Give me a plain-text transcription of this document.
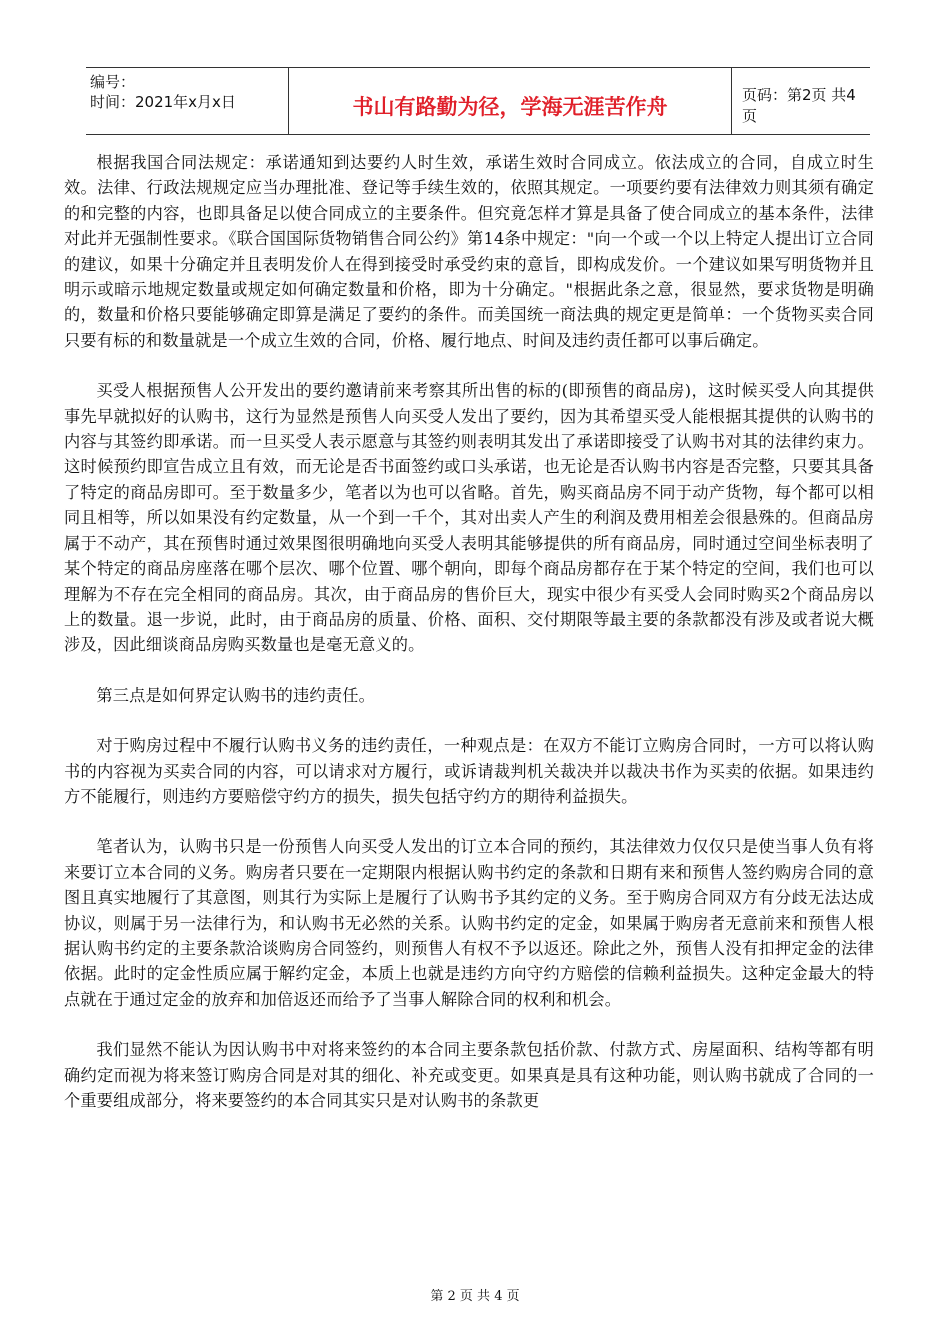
编号：
时间：2021年x月x日	书山有路勤为径，学海无涯苦作舟	页码：第2页 共4页

根据我国合同法规定：承诺通知到达要约人时生效，承诺生效时合同成立。依法成立的合同，自成立时生效。法律、行政法规规定应当办理批准、登记等手续生效的，依照其规定。一项要约要有法律效力则其须有确定的和完整的内容，也即具备足以使合同成立的主要条件。但究竟怎样才算是具备了使合同成立的基本条件，法律对此并无强制性要求。《联合国国际货物销售合同公约》第14条中规定："向一个或一个以上特定人提出订立合同的建议，如果十分确定并且表明发价人在得到接受时承受约束的意旨，即构成发价。一个建议如果写明货物并且明示或暗示地规定数量或规定如何确定数量和价格，即为十分确定。"根据此条之意，很显然，要求货物是明确的，数量和价格只要能够确定即算是满足了要约的条件。而美国统一商法典的规定更是简单：一个货物买卖合同只要有标的和数量就是一个成立生效的合同，价格、履行地点、时间及违约责任都可以事后确定。

买受人根据预售人公开发出的要约邀请前来考察其所出售的标的(即预售的商品房)，这时候买受人向其提供事先早就拟好的认购书，这行为显然是预售人向买受人发出了要约，因为其希望买受人能根据其提供的认购书的内容与其签约即承诺。而一旦买受人表示愿意与其签约则表明其发出了承诺即接受了认购书对其的法律约束力。这时候预约即宣告成立且有效，而无论是否书面签约或口头承诺，也无论是否认购书内容是否完整，只要其具备了特定的商品房即可。至于数量多少，笔者以为也可以省略。首先，购买商品房不同于动产货物，每个都可以相同且相等，所以如果没有约定数量，从一个到一千个，其对出卖人产生的利润及费用相差会很悬殊的。但商品房属于不动产，其在预售时通过效果图很明确地向买受人表明其能够提供的所有商品房，同时通过空间坐标表明了某个特定的商品房座落在哪个层次、哪个位置、哪个朝向，即每个商品房都存在于某个特定的空间，我们也可以理解为不存在完全相同的商品房。其次，由于商品房的售价巨大，现实中很少有买受人会同时购买2个商品房以上的数量。退一步说，此时，由于商品房的质量、价格、面积、交付期限等最主要的条款都没有涉及或者说大概涉及，因此细谈商品房购买数量也是毫无意义的。

第三点是如何界定认购书的违约责任。

对于购房过程中不履行认购书义务的违约责任，一种观点是：在双方不能订立购房合同时，一方可以将认购书的内容视为买卖合同的内容，可以请求对方履行，或诉请裁判机关裁决并以裁决书作为买卖的依据。如果违约方不能履行，则违约方要赔偿守约方的损失，损失包括守约方的期待利益损失。

笔者认为，认购书只是一份预售人向买受人发出的订立本合同的预约，其法律效力仅仅只是使当事人负有将来要订立本合同的义务。购房者只要在一定期限内根据认购书约定的条款和日期有来和预售人签约购房合同的意图且真实地履行了其意图，则其行为实际上是履行了认购书予其约定的义务。至于购房合同双方有分歧无法达成协议，则属于另一法律行为，和认购书无必然的关系。认购书约定的定金，如果属于购房者无意前来和预售人根据认购书约定的主要条款洽谈购房合同签约，则预售人有权不予以返还。除此之外，预售人没有扣押定金的法律依据。此时的定金性质应属于解约定金，本质上也就是违约方向守约方赔偿的信赖利益损失。这种定金最大的特点就在于通过定金的放弃和加倍返还而给予了当事人解除合同的权利和机会。

我们显然不能认为因认购书中对将来签约的本合同主要条款包括价款、付款方式、房屋面积、结构等都有明确约定而视为将来签订购房合同是对其的细化、补充或变更。如果真是具有这种功能，则认购书就成了合同的一个重要组成部分，将来要签约的本合同其实只是对认购书的条款更

第 2 页 共 4 页
